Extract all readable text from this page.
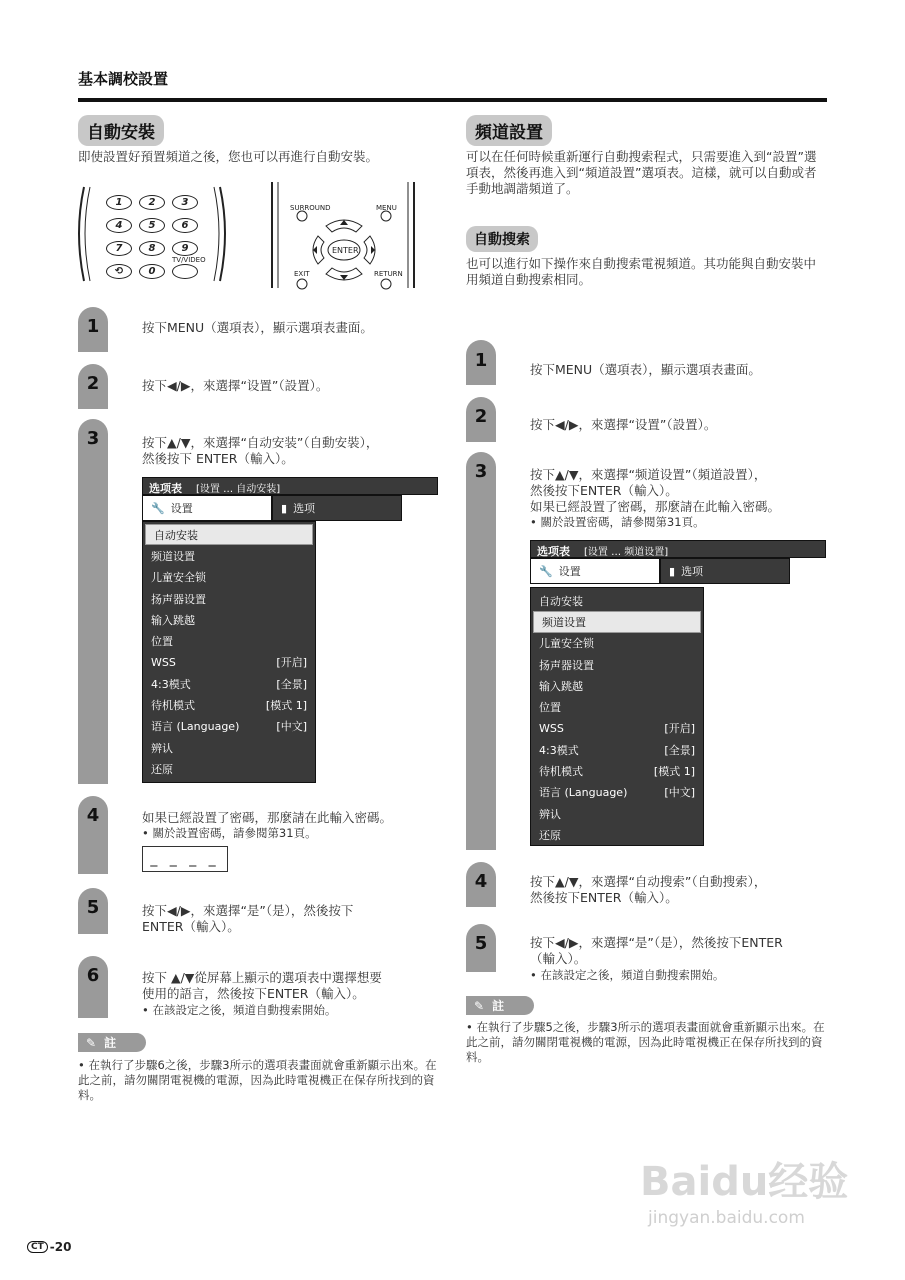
基本調校設置
自動安裝
即使設置好預置頻道之後，您也可以再進行自動安裝。
1	2	3
4	5	6
7	8	9
⟲	0
TV/VIDEO
SURROUND	MENU
ENTER
EXIT	RETURN
1	按下MENU（選項表），顯示選項表畫面。
2	按下◀/▶，來選擇“设置”（設置）。
3	按下▲/▼，來選擇“自动安装”（自動安裝），
然後按下 ENTER（輸入）。
选项表 [设置 … 自动安装]
🔧 设置	▮ 选项
自动安装
频道设置
儿童安全锁
扬声器设置
输入跳越
位置
WSS	[开启]
4:3模式	[全景]
待机模式	[模式 1]
语言 (Language)	[中文]
辨认
还原
4	如果已經設置了密碼，那麼請在此輸入密碼。
• 關於設置密碼，請參閱第31頁。
_ _ _ _
5	按下◀/▶，來選擇“是”（是），然後按下
ENTER（輸入）。
6	按下 ▲/▼從屏幕上顯示的選項表中選擇想要
使用的語言，然後按下ENTER（輸入）。
• 在該設定之後，頻道自動搜索開始。
✎ 註
• 在執行了步驟6之後，步驟3所示的選項表畫面就會重新顯示出來。在此之前，請勿關閉電視機的電源，因為此時電視機正在保存所找到的資料。
頻道設置
可以在任何時候重新運行自動搜索程式，只需要進入到“設置”選項表，然後再進入到“頻道設置”選項表。這樣，就可以自動或者手動地調諧頻道了。
自動搜索
也可以進行如下操作來自動搜索電視頻道。其功能與自動安裝中用頻道自動搜索相同。
1	按下MENU（選項表），顯示選項表畫面。
2	按下◀/▶，來選擇“设置”（設置）。
3	按下▲/▼，來選擇“频道设置”（頻道設置），
然後按下ENTER（輸入）。
如果已經設置了密碼，那麼請在此輸入密碼。
• 關於設置密碼，請參閱第31頁。
选项表 [设置 … 频道设置]
🔧 设置	▮ 选项
自动安装
频道设置
儿童安全锁
扬声器设置
输入跳越
位置
WSS	[开启]
4:3模式	[全景]
待机模式	[模式 1]
语言 (Language)	[中文]
辨认
还原
4	按下▲/▼，來選擇“自动搜索”（自動搜索），
然後按下ENTER（輸入）。
5	按下◀/▶，來選擇“是”（是），然後按下ENTER
（輸入）。
• 在該設定之後，頻道自動搜索開始。
✎ 註
• 在執行了步驟5之後，步驟3所示的選項表畫面就會重新顯示出來。在此之前，請勿關閉電視機的電源，因為此時電視機正在保存所找到的資料。
Baidu经验
jingyan.baidu.com
CT -20
